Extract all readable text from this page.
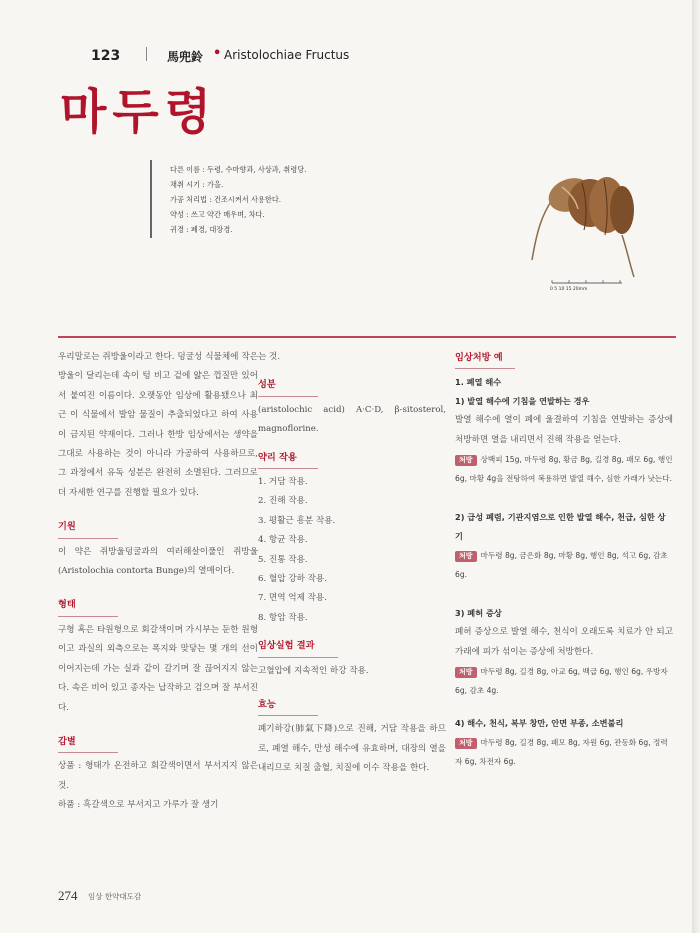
123	馬兜鈴 • Aristolochiae Fructus
마두령
다른 이름 : 두령, 수마향과, 사상과, 취령당.
채취 시기 : 가을.
가공 처리법 : 건조시켜서 사용한다.
약성 : 쓰고 약간 매우며, 차다.
귀경 : 폐경, 대장경.
0 5 10 15 20mm

우리말로는 쥐방울이라고 한다. 덩굴성 식물체에 작은 방울이 달리는데 속이 텅 비고 겉에 얇은 껍질만 있어서 붙여진 이름이다. 오랫동안 임상에 활용됐으나 최근 이 식물에서 발암 물질이 추출되었다고 하여 사용이 금지된 약재이다. 그러나 한방 임상에서는 생약을 그대로 사용하는 것이 아니라 가공하여 사용하므로, 그 과정에서 유독 성분은 완전히 소멸된다. 그러므로 더 자세한 연구를 진행할 필요가 있다.

기원

이 약은 쥐방울덩굴과의 여러해살이풀인 쥐방울(Aristolochia contorta Bunge)의 열매이다.

형태

구형 혹은 타원형으로 회갈색이며 가시부는 둔한 원형이고 과실의 외측으로는 폭지와 맞닿는 몇 개의 선이 이어지는데 가는 실과 같이 갈기며 잘 끊어지지 않는다. 속은 비어 있고 종자는 납작하고 검으며 잘 부서진다.

감별

상품 : 형태가 온전하고 회갈색이면서 부서지지 않은 것.

하품 : 흑갈색으로 부서지고 가루가 잘 생기

는 것.

성분

(aristolochic acid) A·C·D, β-sitosterol, magnoflorine.

약리 작용
1. 거담 작용.
2. 진해 작용.
3. 평활근 흥분 작용.
4. 항균 작용.
5. 진통 작용.
6. 혈압 강하 작용.
7. 면역 억제 작용.
8. 항암 작용.
임상실험 결과

고혈압에 지속적인 하강 작용.

효능

폐기하강(肺氣下降)으로 진해, 거담 작용을 하므로, 폐열 해수, 만성 해수에 유효하며, 대장의 열을 내리므로 치질 출혈, 치질에 이수 작용을 한다.

임상처방 예
1. 폐열 해수
1) 발열 해수에 기침을 연발하는 경우

발열 해수에 열이 폐에 울결하여 기침을 연발하는 증상에 처방하면 열을 내리면서 진해 작용을 얻는다.

처방 상백피 15g, 마두령 8g, 황금 8g, 길경 8g, 패모 6g, 행인 6g, 마황 4g을 전탕하여 복용하면 발열 해수, 심한 가래가 낫는다.
2) 급성 폐렴, 기관지염으로 인한 발열 해수, 천급, 심한 상기
처방 마두령 8g, 금은화 8g, 마황 8g, 행인 8g, 석고 6g, 감초 6g.
3) 폐허 증상

폐허 증상으로 발열 해수, 천식이 오래도록 치료가 안 되고 가래에 피가 섞이는 증상에 처방한다.

처방 마두령 8g, 길경 8g, 아교 6g, 백급 6g, 행인 6g, 우방자 6g, 감초 4g.
4) 해수, 천식, 복부 창만, 안면 부종, 소변불리
처방 마두령 8g, 길경 8g, 패모 8g, 자원 6g, 관동화 6g, 정력자 6g, 차전자 6g.
274 임상 한약대도감
